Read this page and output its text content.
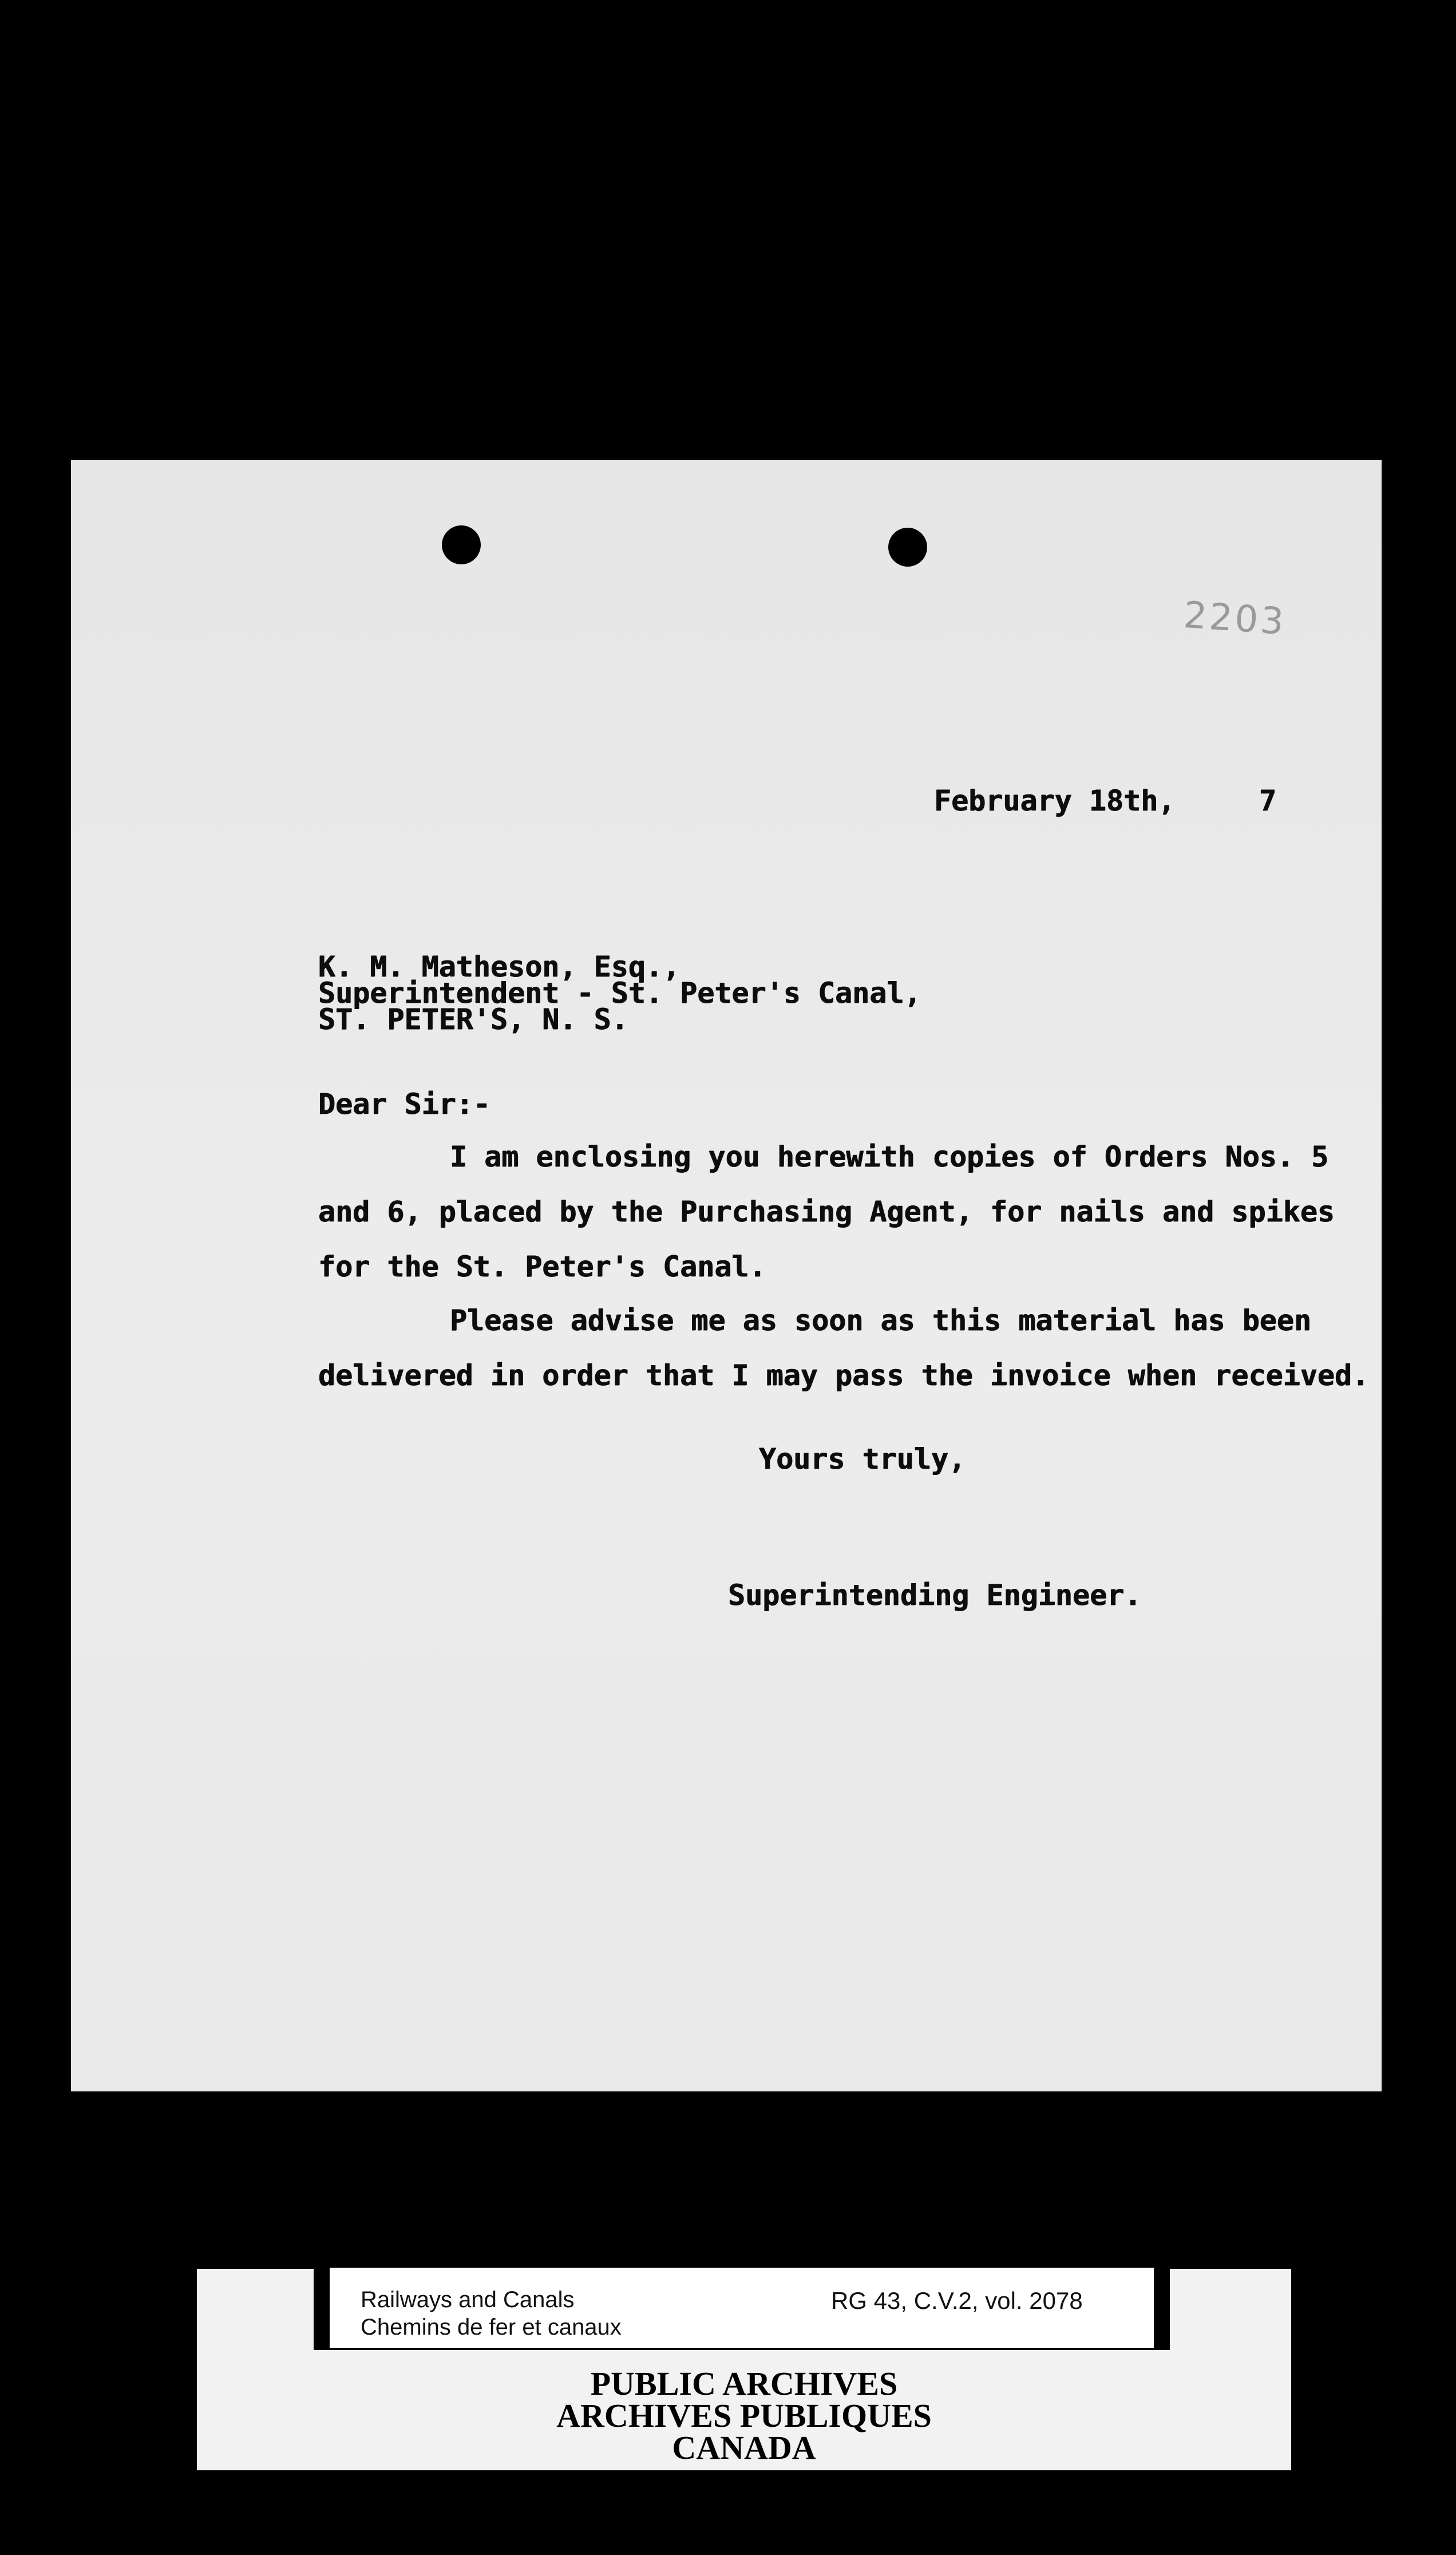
2203
February 18th,	7
K. M. Matheson, Esq.,
Superintendent - St. Peter's Canal,
ST. PETER'S, N. S.
Dear Sir:-
I am enclosing you herewith copies of Orders Nos. 5
and 6, placed by the Purchasing Agent, for nails and spikes
for the St. Peter's Canal.
Please advise me as soon as this material has been
delivered in order that I may pass the invoice when received.
Yours truly,
Superintending Engineer.
Railways and Canals
Chemins de fer et canaux
RG 43, C.V.2, vol. 2078
PUBLIC ARCHIVES
ARCHIVES PUBLIQUES
CANADA
